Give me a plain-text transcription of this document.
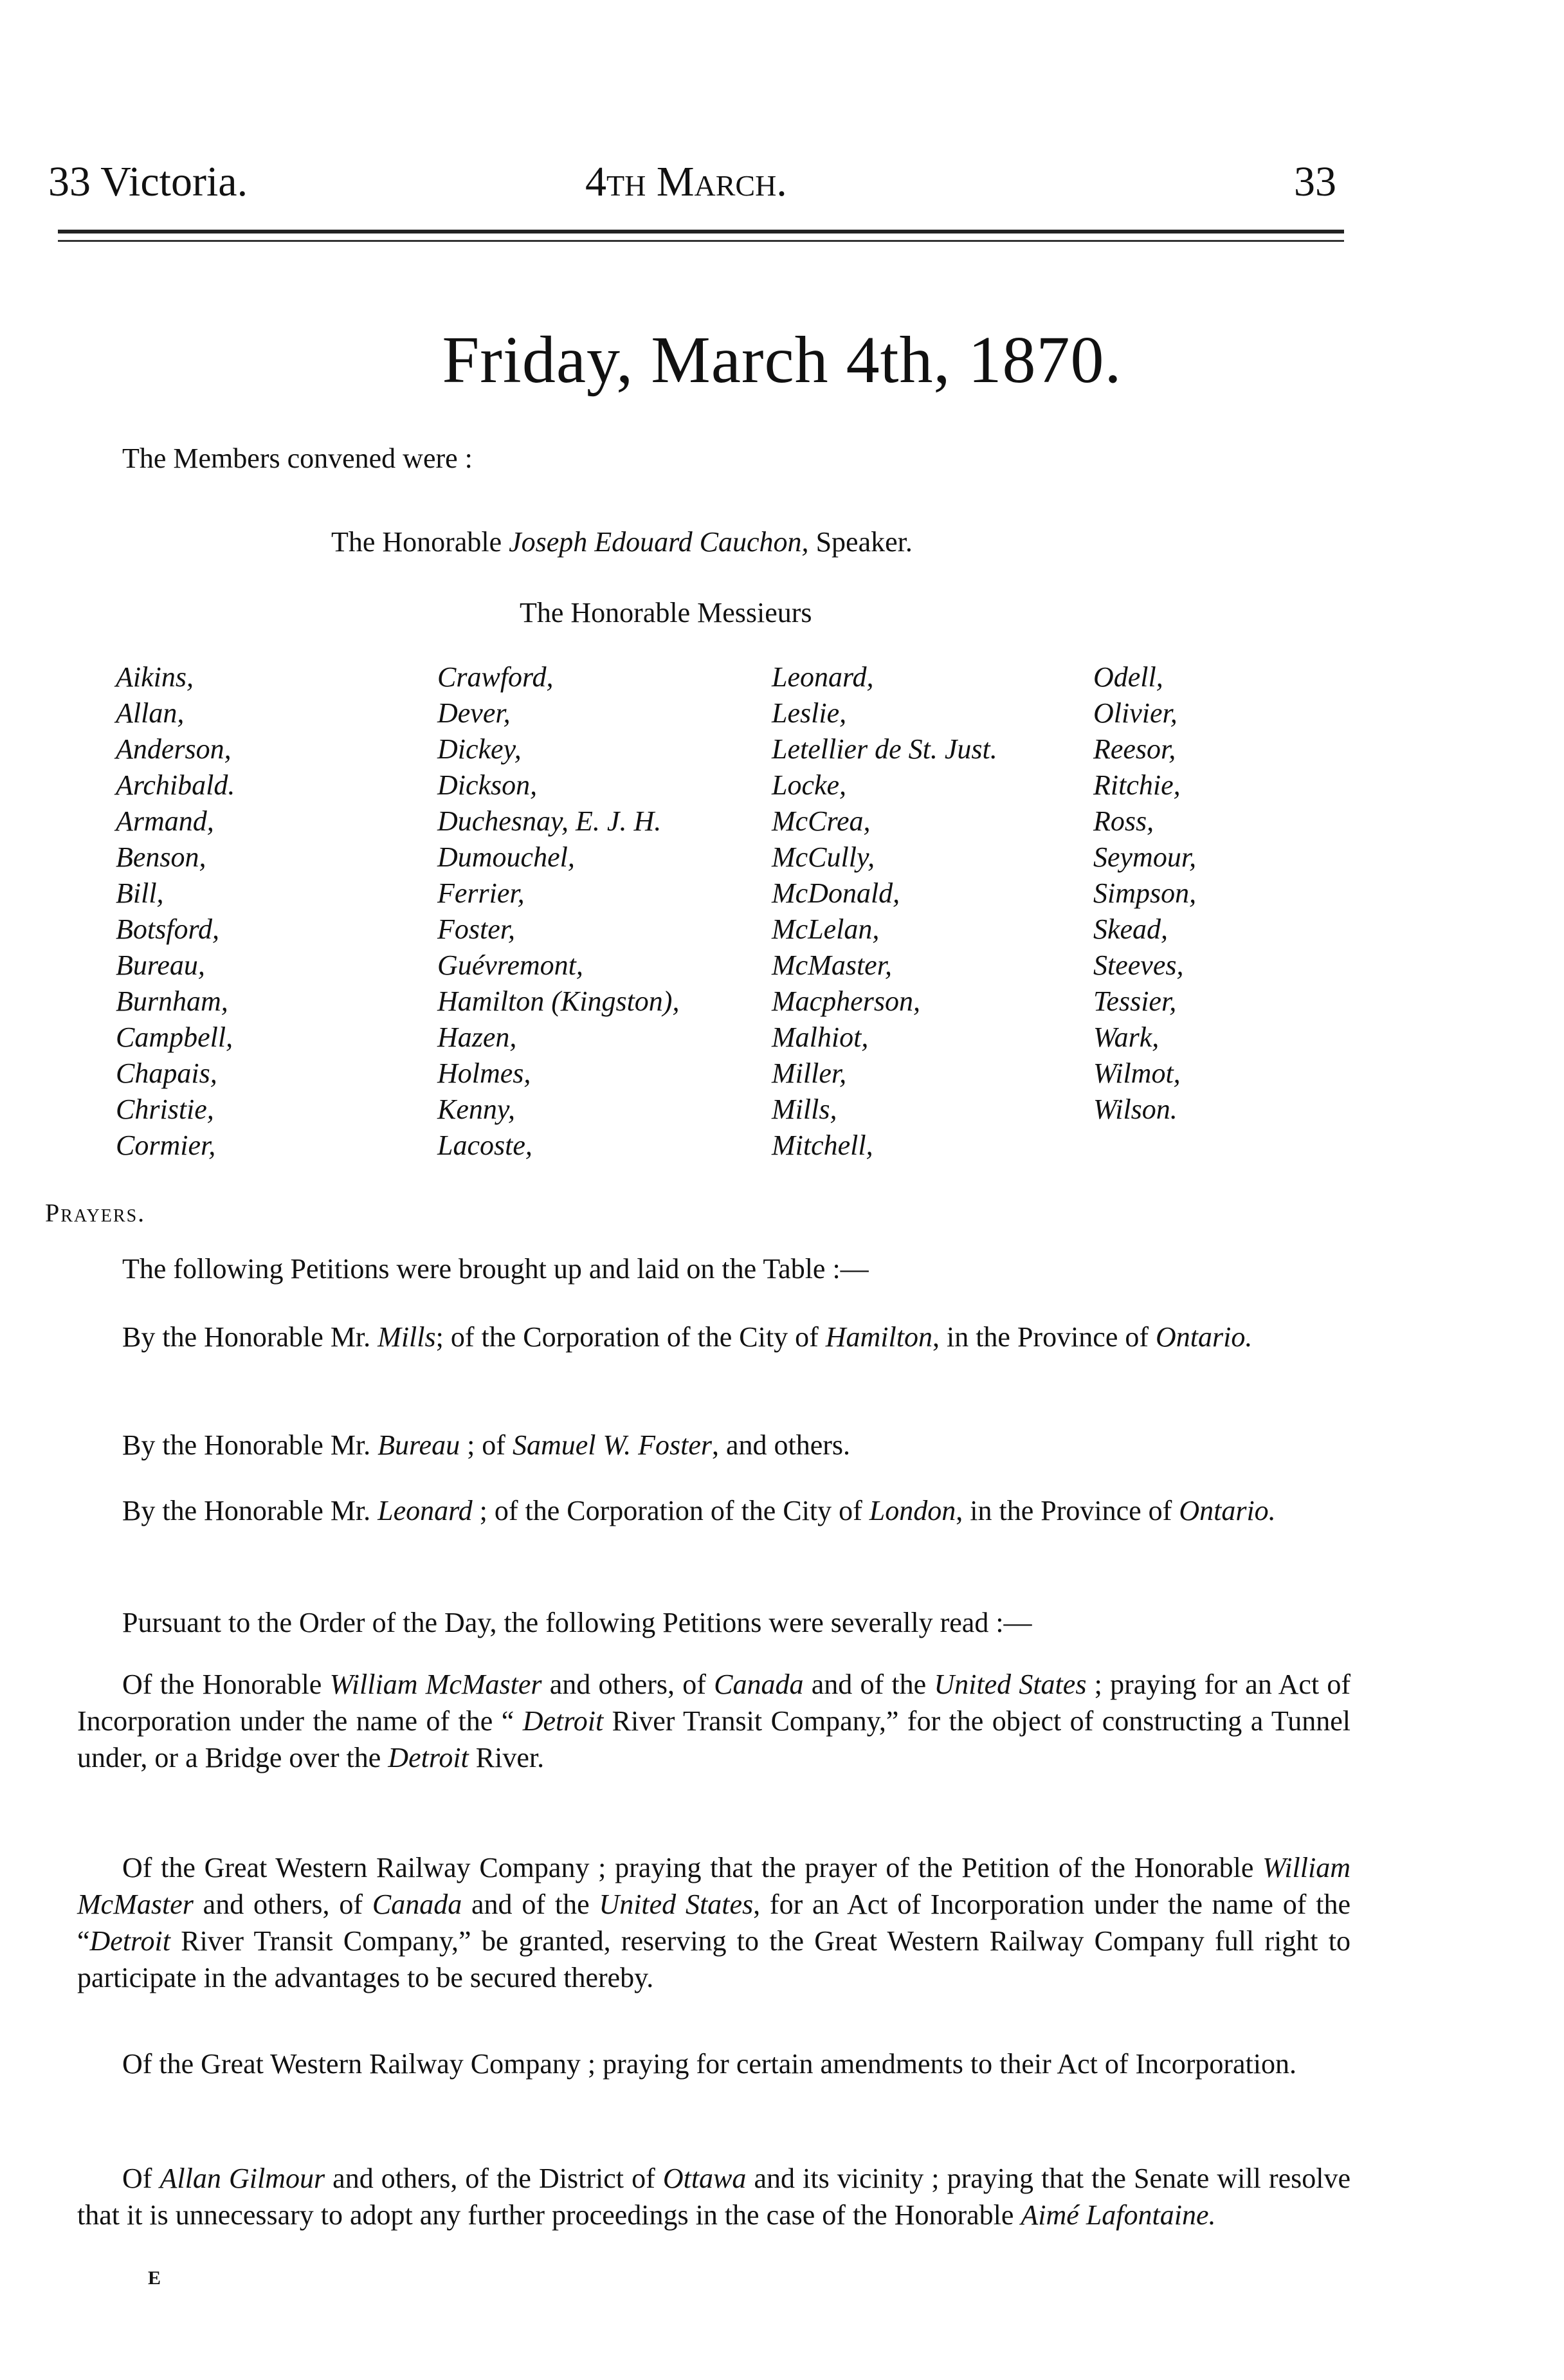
33 Victoria.	4th March.	33
Friday, March 4th, 1870.
The Members convened were :
The Honorable Joseph Edouard Cauchon, Speaker.
The Honorable Messieurs
Aikins,
Allan,
Anderson,
Archibald.
Armand,
Benson,
Bill,
Botsford,
Bureau,
Burnham,
Campbell,
Chapais,
Christie,
Cormier,
Crawford,
Dever,
Dickey,
Dickson,
Duchesnay, E. J. H.
Dumouchel,
Ferrier,
Foster,
Guévremont,
Hamilton (Kingston),
Hazen,
Holmes,
Kenny,
Lacoste,
Leonard,
Leslie,
Letellier de St. Just.
Locke,
McCrea,
McCully,
McDonald,
McLelan,
McMaster,
Macpherson,
Malhiot,
Miller,
Mills,
Mitchell,
Odell,
Olivier,
Reesor,
Ritchie,
Ross,
Seymour,
Simpson,
Skead,
Steeves,
Tessier,
Wark,
Wilmot,
Wilson.
Prayers.
The following Petitions were brought up and laid on the Table :—
By the Honorable Mr. Mills; of the Corporation of the City of Hamilton, in the Province of Ontario.
By the Honorable Mr. Bureau ; of Samuel W. Foster, and others.
By the Honorable Mr. Leonard ; of the Corporation of the City of London, in the Province of Ontario.
Pursuant to the Order of the Day, the following Petitions were severally read :—
Of the Honorable William McMaster and others, of Canada and of the United States ; praying for an Act of Incorporation under the name of the “ Detroit River Transit Company,” for the object of constructing a Tunnel under, or a Bridge over the Detroit River.
Of the Great Western Railway Company ; praying that the prayer of the Petition of the Honorable William McMaster and others, of Canada and of the United States, for an Act of Incorporation under the name of the “Detroit River Transit Company,” be granted, reserving to the Great Western Railway Company full right to participate in the advantages to be secured thereby.
Of the Great Western Railway Company ; praying for certain amendments to their Act of Incorporation.
Of Allan Gilmour and others, of the District of Ottawa and its vicinity ; praying that the Senate will resolve that it is unnecessary to adopt any further proceedings in the case of the Honorable Aimé Lafontaine.
E
